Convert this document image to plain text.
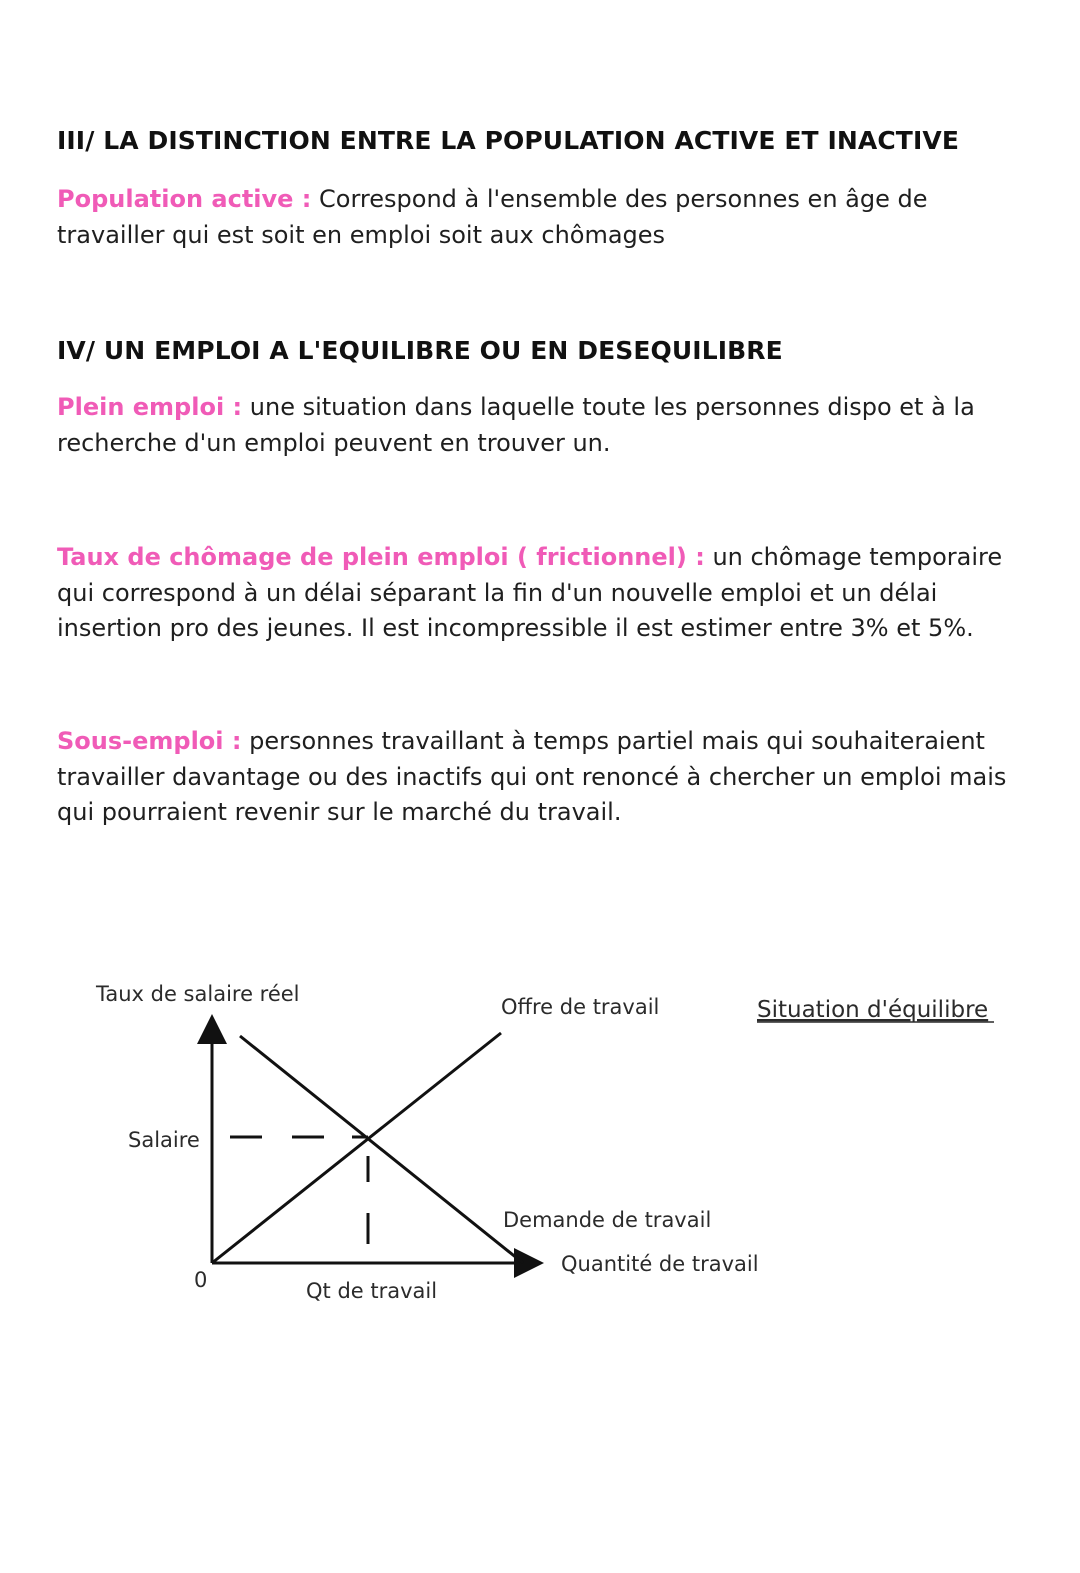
III/ LA DISTINCTION ENTRE LA POPULATION ACTIVE ET INACTIVE

Population active : Correspond à l'ensemble des personnes en âge de travailler qui est soit en emploi soit aux chômages

IV/ UN EMPLOI A L'EQUILIBRE OU EN DESEQUILIBRE

Plein emploi : une situation dans laquelle toute les personnes dispo et à la recherche d'un emploi peuvent en trouver un.

Taux de chômage de plein emploi ( frictionnel) : un chômage temporaire qui correspond à un délai séparant la fin d'un nouvelle emploi et un délai insertion pro des jeunes. Il est incompressible il est estimer entre 3% et 5%.

Sous-emploi : personnes travaillant à temps partiel mais qui souhaiteraient travailler davantage ou des inactifs qui ont renoncé à chercher un emploi mais qui pourraient revenir sur le marché du travail.

Taux de salaire réel
Offre de travail
Salaire
Demande de travail
Quantité de travail
0	Qt de travail
Situation d'équilibre
